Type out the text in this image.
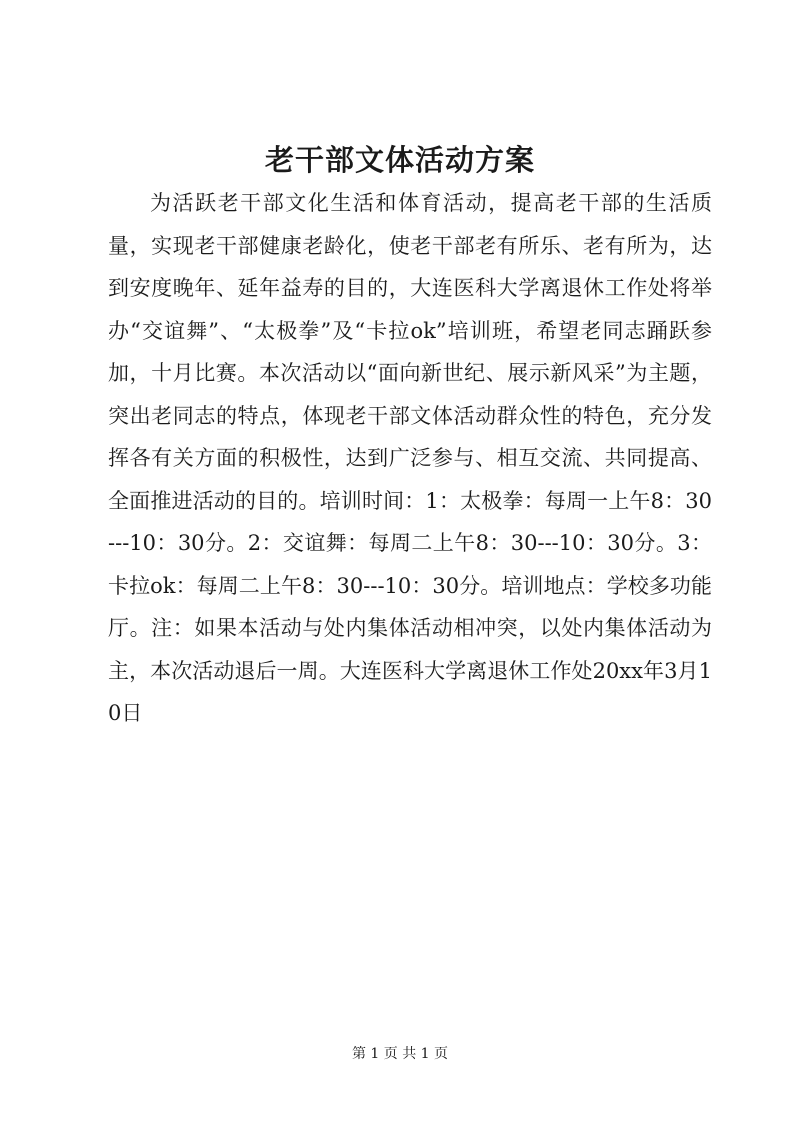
老干部文体活动方案

为活跃老干部文化生活和体育活动，提高老干部的生活质量，实现老干部健康老龄化，使老干部老有所乐、老有所为，达到安度晚年、延年益寿的目的，大连医科大学离退休工作处将举办“交谊舞”、“太极拳”及“卡拉ok”培训班，希望老同志踊跃参加，十月比赛。本次活动以“面向新世纪、展示新风采”为主题，突出老同志的特点，体现老干部文体活动群众性的特色，充分发挥各有关方面的积极性，达到广泛参与、相互交流、共同提高、全面推进活动的目的。培训时间：1：太极拳：每周一上午8：30---10：30分。2：交谊舞：每周二上午8：30---10：30分。3：卡拉ok：每周二上午8：30---10：30分。培训地点：学校多功能厅。注：如果本活动与处内集体活动相冲突，以处内集体活动为主，本次活动退后一周。大连医科大学离退休工作处20xx年3月10日

第 1 页 共 1 页
